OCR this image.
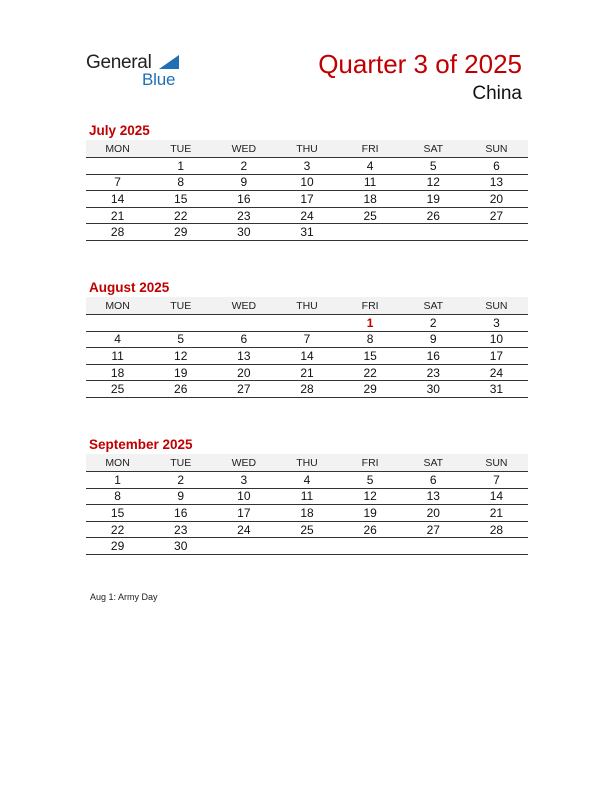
General
Blue
Quarter 3 of 2025
China
July 2025
MON	TUE	WED	THU	FRI	SAT	SUN
	1	2	3	4	5	6
7	8	9	10	11	12	13
14	15	16	17	18	19	20
21	22	23	24	25	26	27
28	29	30	31			
August 2025
MON	TUE	WED	THU	FRI	SAT	SUN
				1	2	3
4	5	6	7	8	9	10
11	12	13	14	15	16	17
18	19	20	21	22	23	24
25	26	27	28	29	30	31
September 2025
MON	TUE	WED	THU	FRI	SAT	SUN
1	2	3	4	5	6	7
8	9	10	11	12	13	14
15	16	17	18	19	20	21
22	23	24	25	26	27	28
29	30					
Aug 1: Army Day
